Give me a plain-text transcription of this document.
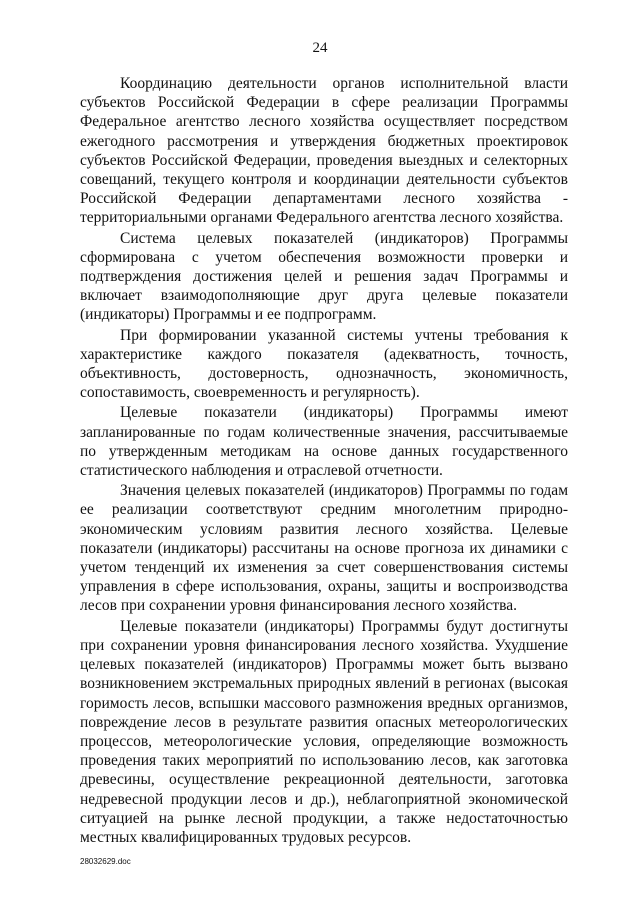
24

Координацию деятельности органов исполнительной власти субъектов Российской Федерации в сфере реализации Программы Федеральное агентство лесного хозяйства осуществляет посредством ежегодного рассмотрения и утверждения бюджетных проектировок субъектов Российской Федерации, проведения выездных и селекторных совещаний, текущего контроля и координации деятельности субъектов Российской Федерации департаментами лесного хозяйства - территориальными органами Федерального агентства лесного хозяйства.

Система целевых показателей (индикаторов) Программы сформирована с учетом обеспечения возможности проверки и подтверждения достижения целей и решения задач Программы и включает взаимодополняющие друг друга целевые показатели (индикаторы) Программы и ее подпрограмм.

При формировании указанной системы учтены требования к характеристике каждого показателя (адекватность, точность, объективность, достоверность, однозначность, экономичность, сопоставимость, своевременность и регулярность).

Целевые показатели (индикаторы) Программы имеют запланированные по годам количественные значения, рассчитываемые по утвержденным методикам на основе данных государственного статистического наблюдения и отраслевой отчетности.

Значения целевых показателей (индикаторов) Программы по годам ее реализации соответствуют средним многолетним природно-экономическим условиям развития лесного хозяйства. Целевые показатели (индикаторы) рассчитаны на основе прогноза их динамики с учетом тенденций их изменения за счет совершенствования системы управления в сфере использования, охраны, защиты и воспроизводства лесов при сохранении уровня финансирования лесного хозяйства.

Целевые показатели (индикаторы) Программы будут достигнуты при сохранении уровня финансирования лесного хозяйства. Ухудшение целевых показателей (индикаторов) Программы может быть вызвано возникновением экстремальных природных явлений в регионах (высокая горимость лесов, вспышки массового размножения вредных организмов, повреждение лесов в результате развития опасных метеорологических процессов, метеорологические условия, определяющие возможность проведения таких мероприятий по использованию лесов, как заготовка древесины, осуществление рекреационной деятельности, заготовка недревесной продукции лесов и др.), неблагоприятной экономической ситуацией на рынке лесной продукции, а также недостаточностью местных квалифицированных трудовых ресурсов.

28032629.doc
